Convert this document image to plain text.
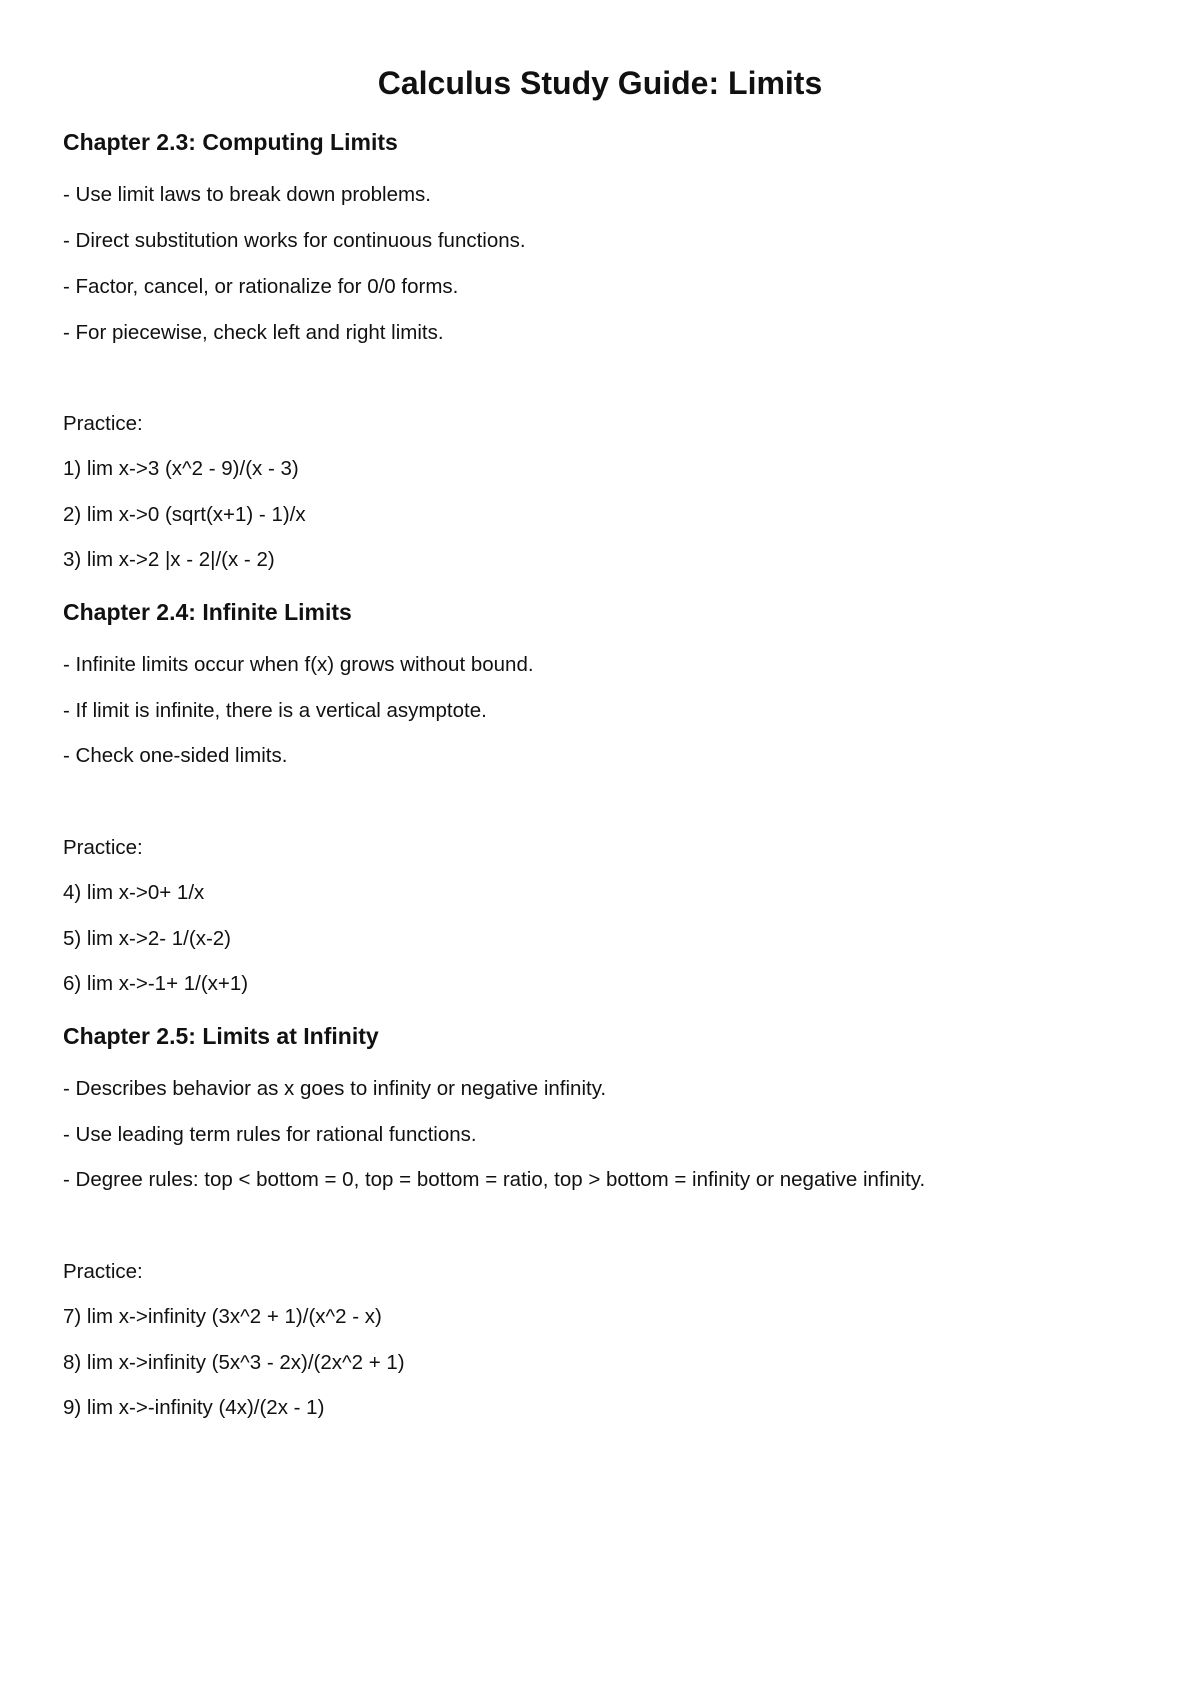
Calculus Study Guide: Limits
Chapter 2.3: Computing Limits

- Use limit laws to break down problems.

- Direct substitution works for continuous functions.

- Factor, cancel, or rationalize for 0/0 forms.

- For piecewise, check left and right limits.

Practice:

1) lim x->3 (x^2 - 9)/(x - 3)

2) lim x->0 (sqrt(x+1) - 1)/x

3) lim x->2 |x - 2|/(x - 2)

Chapter 2.4: Infinite Limits

- Infinite limits occur when f(x) grows without bound.

- If limit is infinite, there is a vertical asymptote.

- Check one-sided limits.

Practice:

4) lim x->0+ 1/x

5) lim x->2- 1/(x-2)

6) lim x->-1+ 1/(x+1)

Chapter 2.5: Limits at Infinity

- Describes behavior as x goes to infinity or negative infinity.

- Use leading term rules for rational functions.

- Degree rules: top < bottom = 0, top = bottom = ratio, top > bottom = infinity or negative infinity.

Practice:

7) lim x->infinity (3x^2 + 1)/(x^2 - x)

8) lim x->infinity (5x^3 - 2x)/(2x^2 + 1)

9) lim x->-infinity (4x)/(2x - 1)
